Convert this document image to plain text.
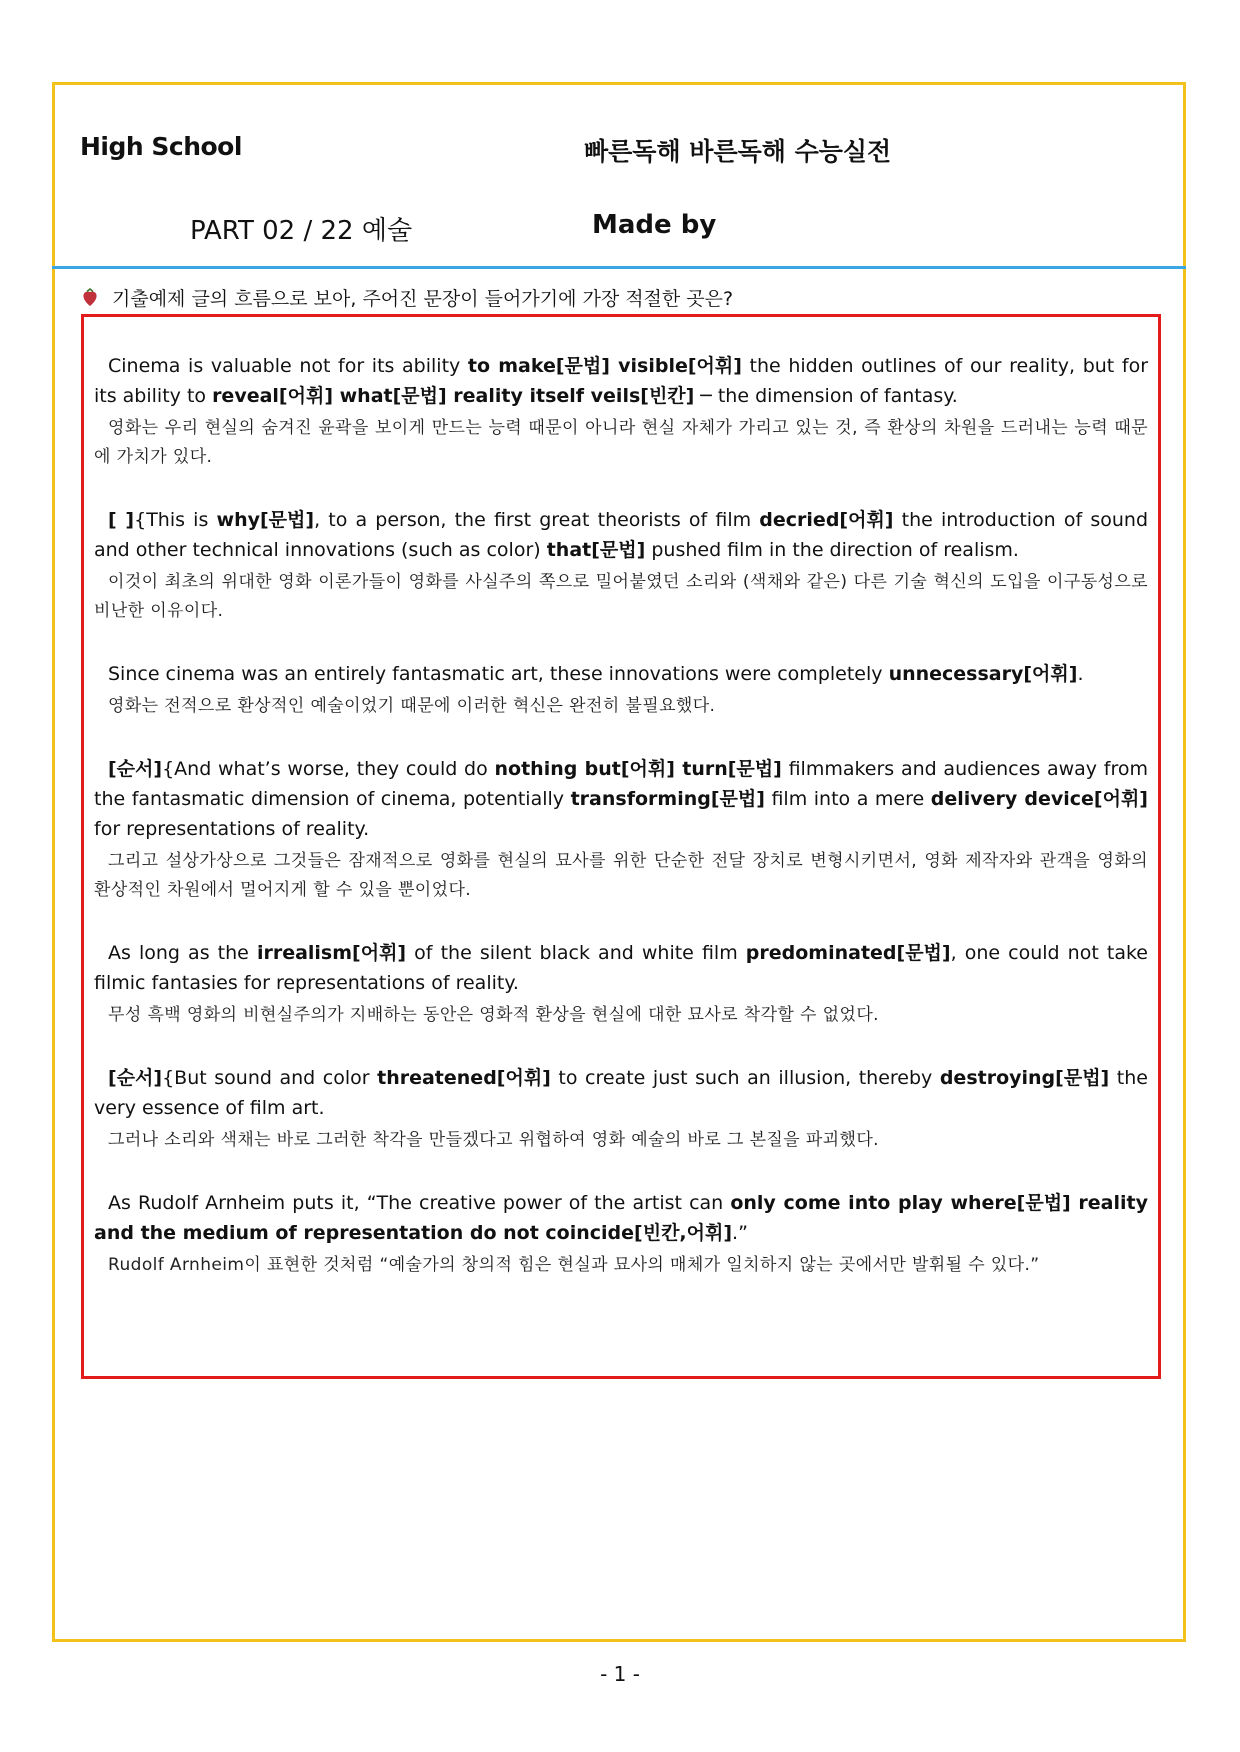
High School	빠른독해 바른독해 수능실전
PART 02 / 22 예술	Made by
기출예제 글의 흐름으로 보아, 주어진 문장이 들어가기에 가장 적절한 곳은?
Cinema is valuable not for its ability to make[문법] visible[어휘] the hidden outlines of our reality, but for its ability to reveal[어휘] what[문법] reality itself veils[빈칸] ─ the dimension of fantasy.
영화는 우리 현실의 숨겨진 윤곽을 보이게 만드는 능력 때문이 아니라 현실 자체가 가리고 있는 것, 즉 환상의 차원을 드러내는 능력 때문에 가치가 있다.
[ ]{This is why[문법], to a person, the first great theorists of film decried[어휘] the introduction of sound and other technical innovations (such as color) that[문법] pushed film in the direction of realism.
이것이 최초의 위대한 영화 이론가들이 영화를 사실주의 쪽으로 밀어붙였던 소리와 (색채와 같은) 다른 기술 혁신의 도입을 이구동성으로 비난한 이유이다.
Since cinema was an entirely fantasmatic art, these innovations were completely unnecessary[어휘].
영화는 전적으로 환상적인 예술이었기 때문에 이러한 혁신은 완전히 불필요했다.
[순서]{And what’s worse, they could do nothing but[어휘] turn[문법] filmmakers and audiences away from the fantasmatic dimension of cinema, potentially transforming[문법] film into a mere delivery device[어휘] for representations of reality.
그리고 설상가상으로 그것들은 잠재적으로 영화를 현실의 묘사를 위한 단순한 전달 장치로 변형시키면서, 영화 제작자와 관객을 영화의 환상적인 차원에서 멀어지게 할 수 있을 뿐이었다.
As long as the irrealism[어휘] of the silent black and white film predominated[문법], one could not take filmic fantasies for representations of reality.
무성 흑백 영화의 비현실주의가 지배하는 동안은 영화적 환상을 현실에 대한 묘사로 착각할 수 없었다.
[순서]{But sound and color threatened[어휘] to create just such an illusion, thereby destroying[문법] the very essence of film art.
그러나 소리와 색채는 바로 그러한 착각을 만들겠다고 위협하여 영화 예술의 바로 그 본질을 파괴했다.
As Rudolf Arnheim puts it, “The creative power of the artist can only come into play where[문법] reality and the medium of representation do not coincide[빈칸,어휘].”
Rudolf Arnheim이 표현한 것처럼 “예술가의 창의적 힘은 현실과 묘사의 매체가 일치하지 않는 곳에서만 발휘될 수 있다.”
- 1 -
